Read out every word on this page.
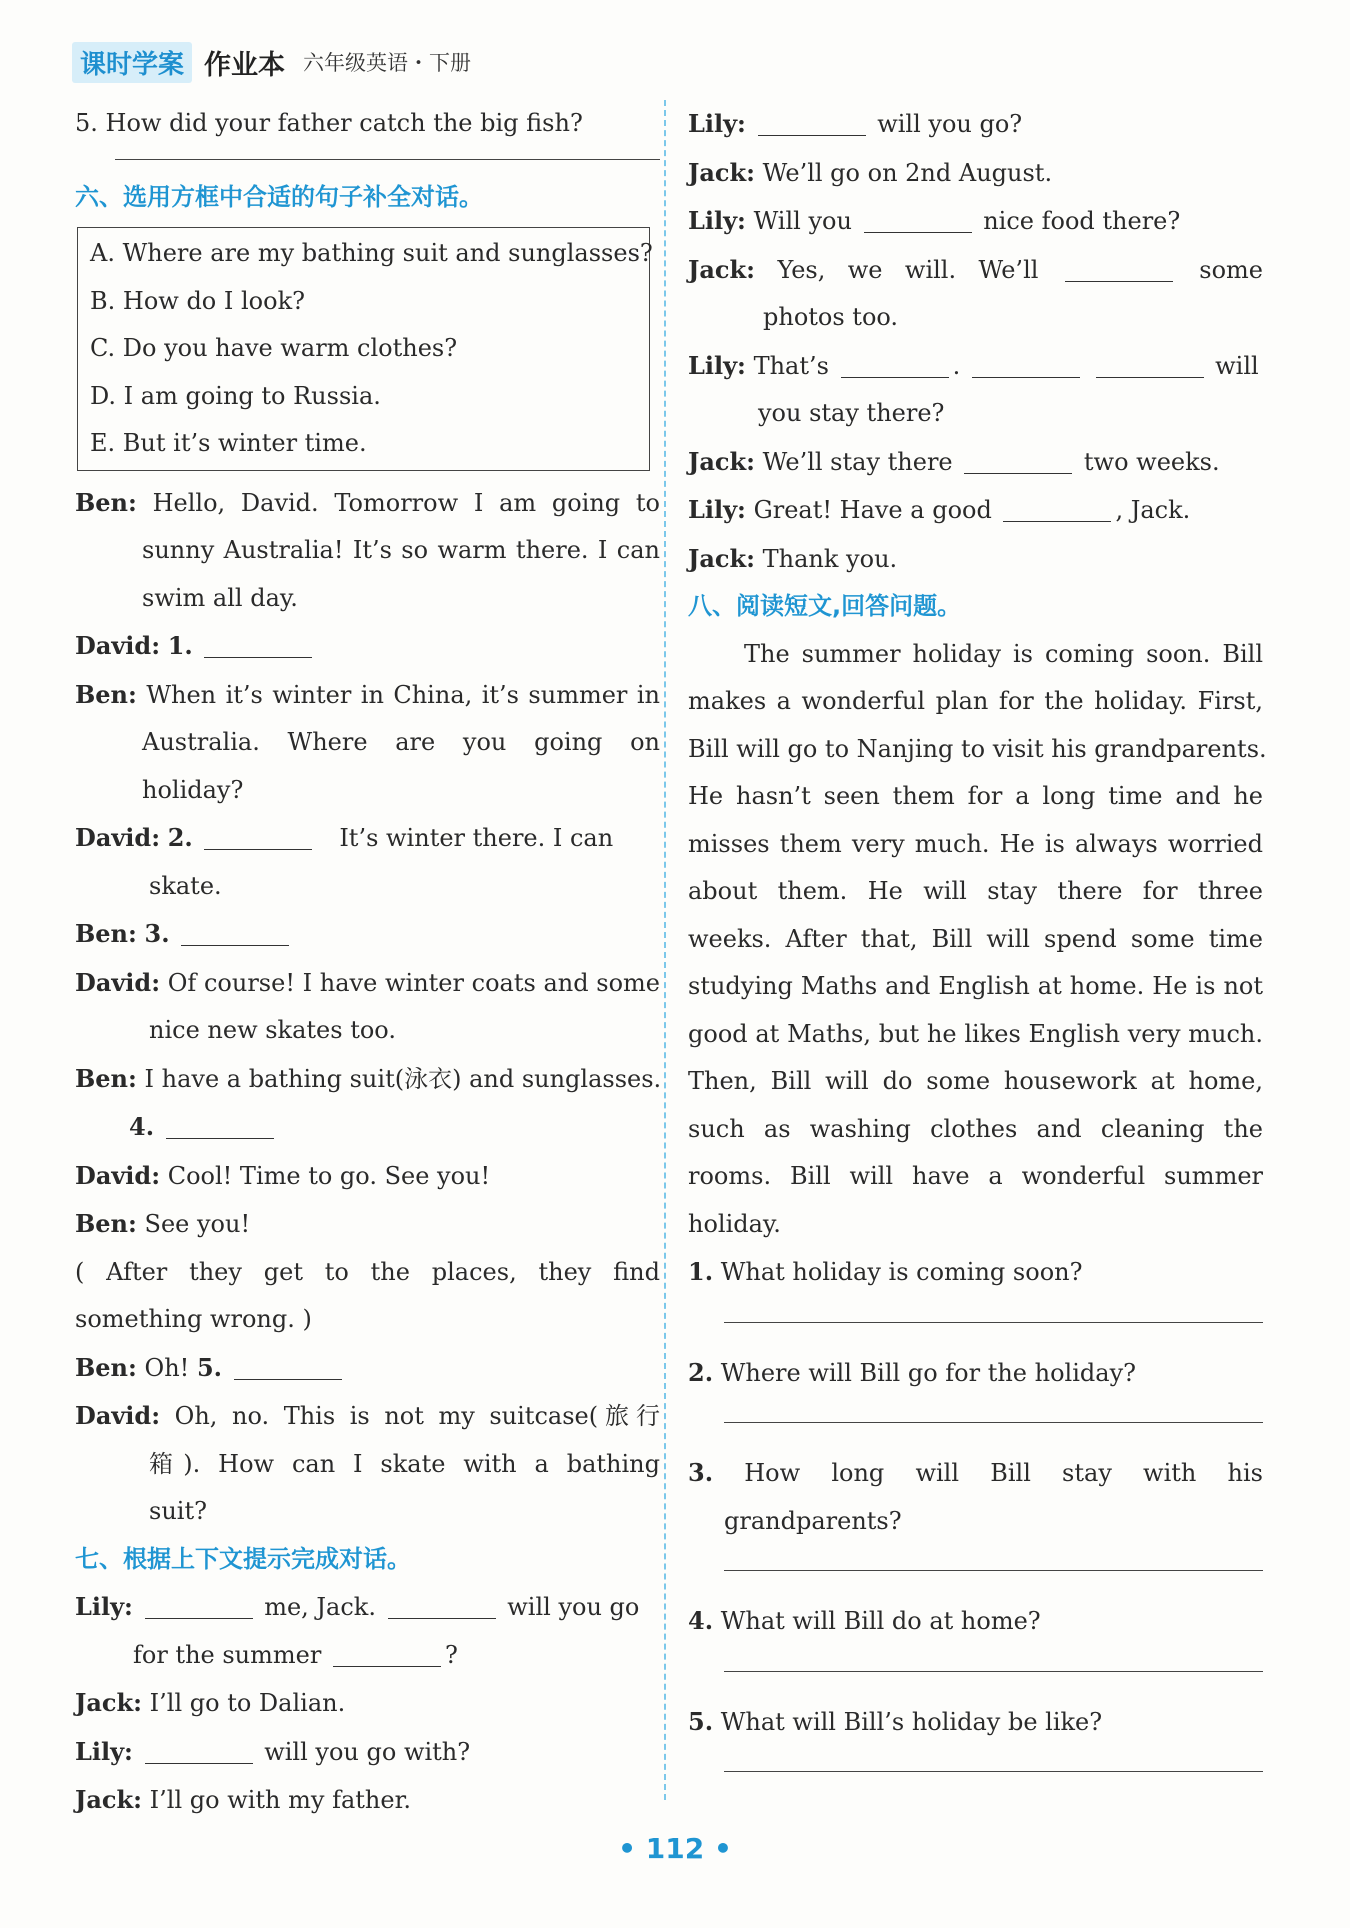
课时学案 作业本 六年级英语・下册
5. How did your father catch the big fish?
六、选用方框中合适的句子补全对话。
A. Where are my bathing suit and sunglasses?
B. How do I look?
C. Do you have warm clothes?
D. I am going to Russia.
E. But it’s winter time.
Ben: Hello, David. Tomorrow I am going to
sunny Australia! It’s so warm there. I can
swim all day.
David: 1.
Ben: When it’s winter in China, it’s summer in
Australia. Where are you going on
holiday?
David: 2.	It’s winter there. I can
skate.
Ben: 3.
David: Of course! I have winter coats and some
nice new skates too.
Ben: I have a bathing suit(泳衣) and sunglasses.
4.
David: Cool! Time to go. See you!
Ben: See you!
( After they get to the places, they find
something wrong. )
Ben: Oh! 5.
David: Oh, no. This is not my suitcase(旅行
箱). How can I skate with a bathing
suit?
七、根据上下文提示完成对话。
Lily:	me, Jack.	will you go
for the summer	?
Jack: I’ll go to Dalian.
Lily:	will you go with?
Jack: I’ll go with my father.
Lily:	will you go?
Jack: We’ll go on 2nd August.
Lily: Will you	nice food there?
Jack: Yes, we will. We’ll	some
photos too.
Lily: That’s	.	will
you stay there?
Jack: We’ll stay there	two weeks.
Lily: Great! Have a good	, Jack.
Jack: Thank you.
八、阅读短文,回答问题。
The summer holiday is coming soon. Bill
makes a wonderful plan for the holiday. First,
Bill will go to Nanjing to visit his grandparents.
He hasn’t seen them for a long time and he
misses them very much. He is always worried
about them. He will stay there for three
weeks. After that, Bill will spend some time
studying Maths and English at home. He is not
good at Maths, but he likes English very much.
Then, Bill will do some housework at home,
such as washing clothes and cleaning the
rooms. Bill will have a wonderful summer
holiday.
1. What holiday is coming soon?
2. Where will Bill go for the holiday?
3. How long will Bill stay with his
grandparents?
4. What will Bill do at home?
5. What will Bill’s holiday be like?
• 112 •
